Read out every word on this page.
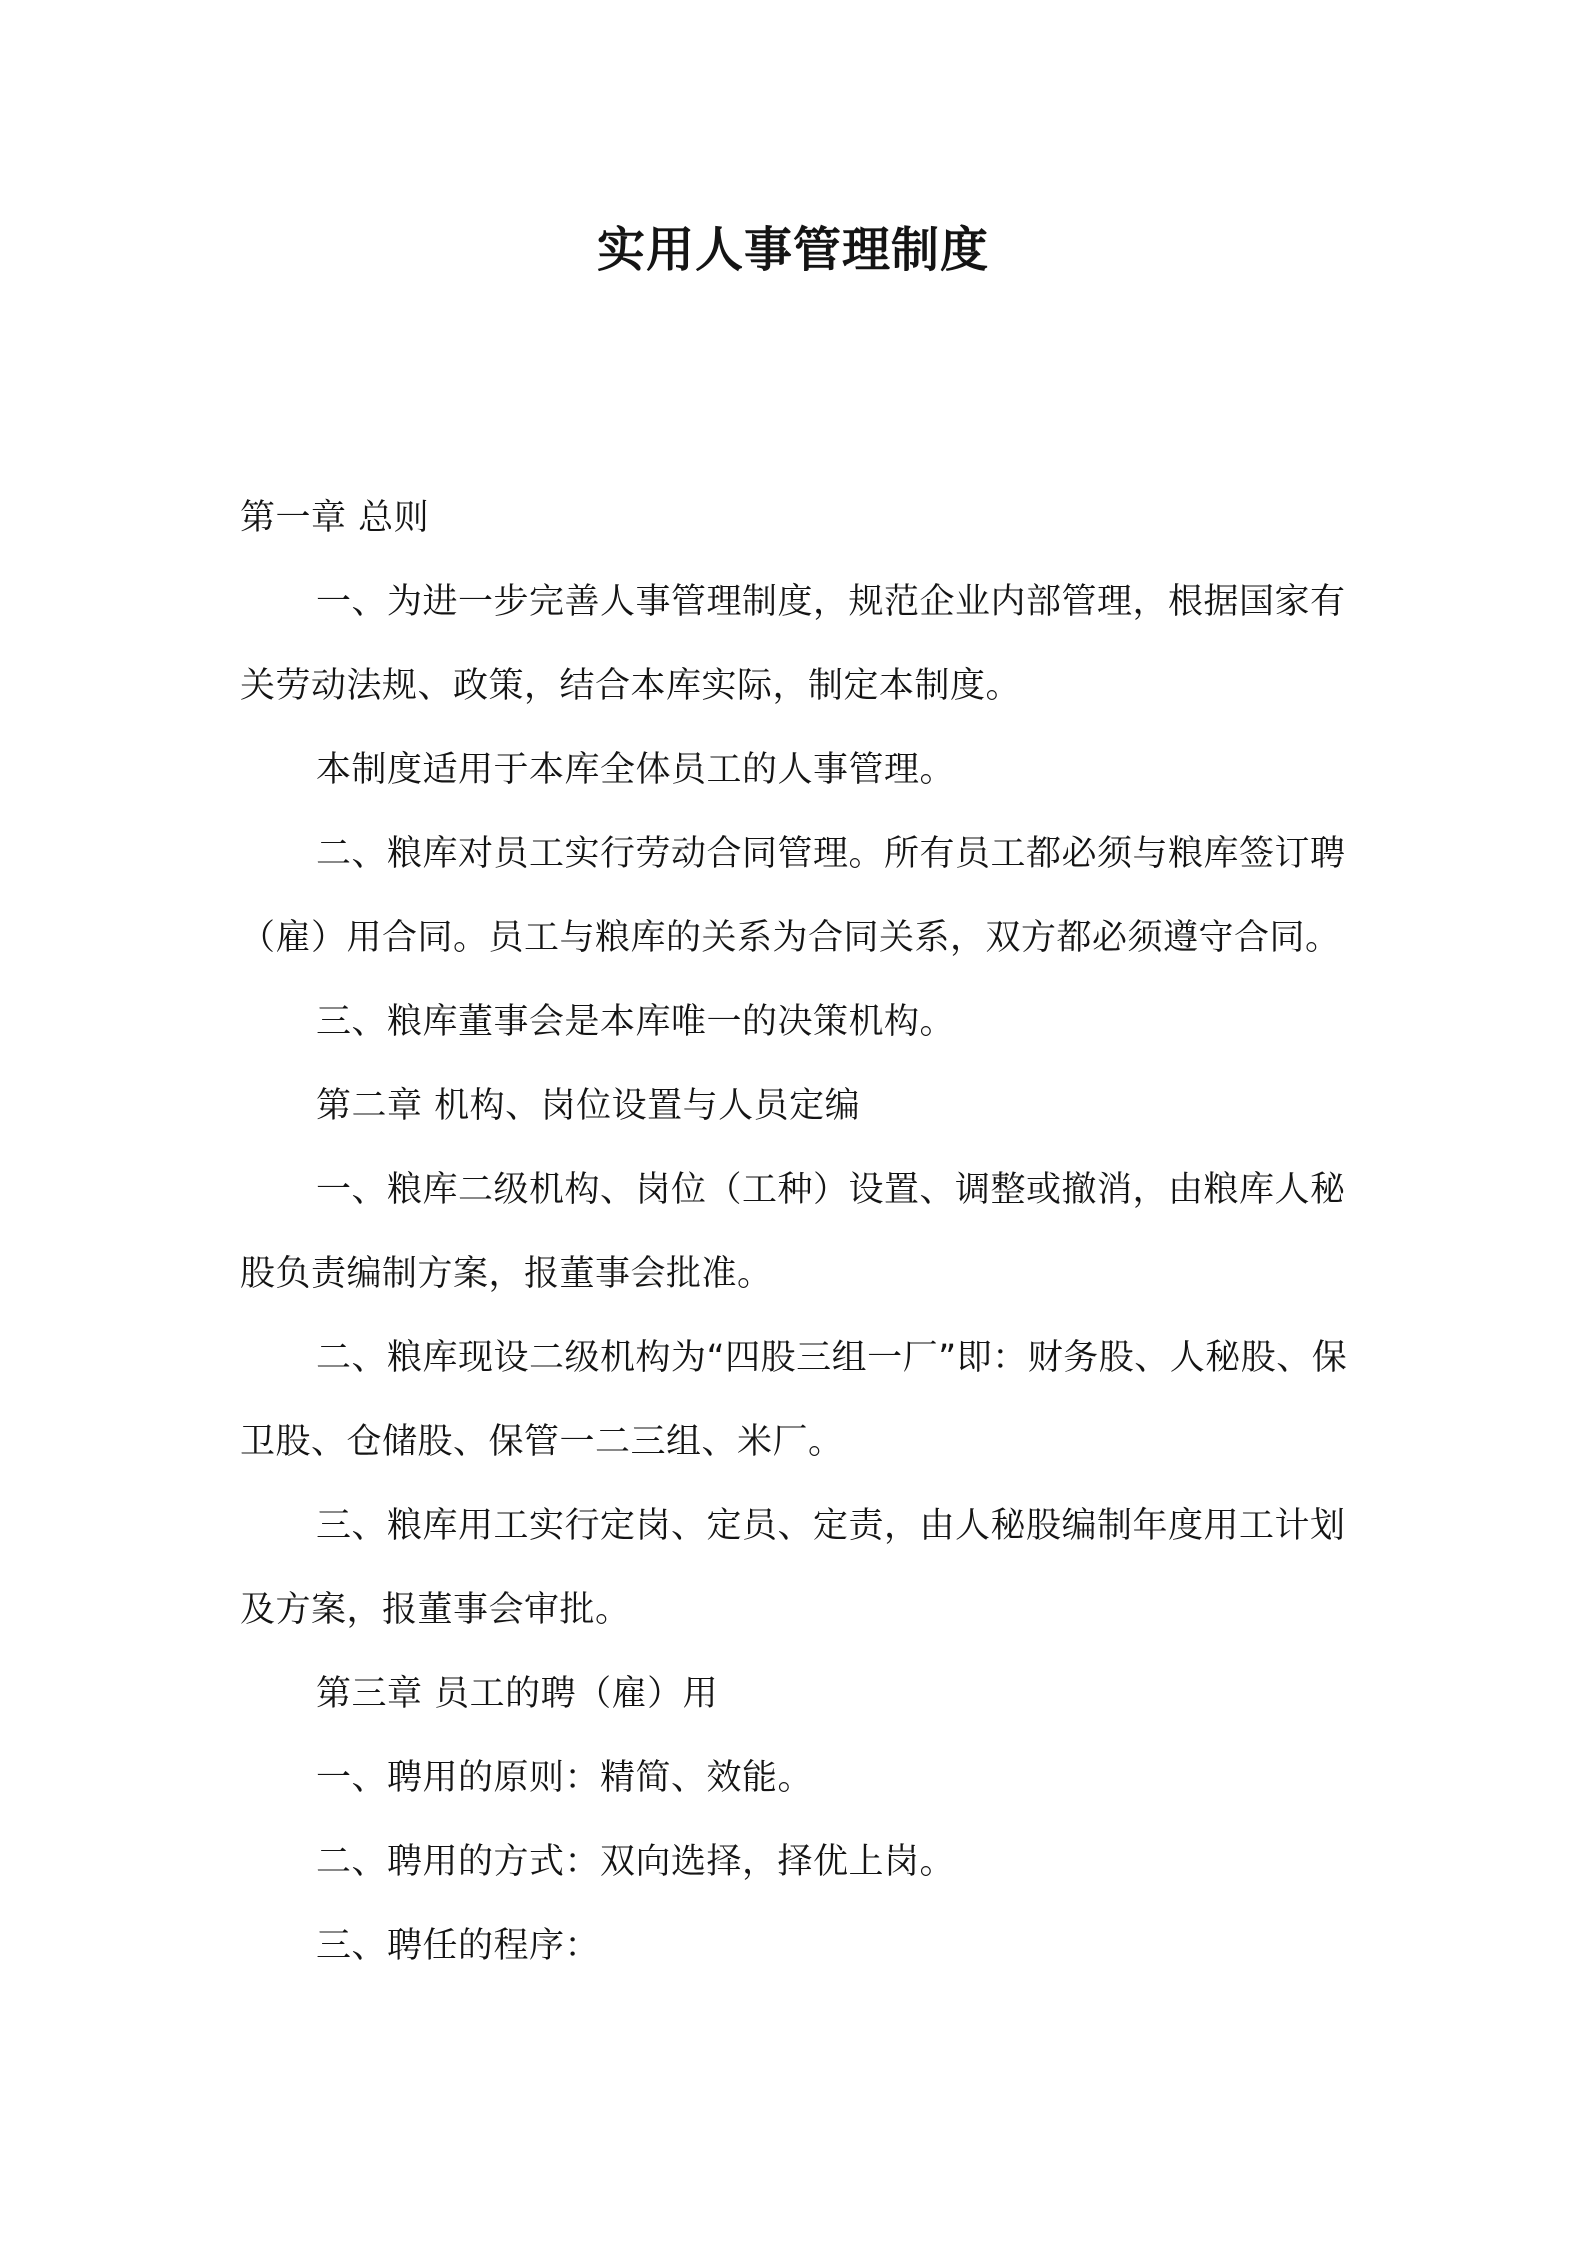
实用人事管理制度

第一章 总则

一、为进一步完善人事管理制度，规范企业内部管理，根据国家有关劳动法规、政策，结合本库实际，制定本制度。

本制度适用于本库全体员工的人事管理。

二、粮库对员工实行劳动合同管理。所有员工都必须与粮库签订聘（雇）用合同。员工与粮库的关系为合同关系，双方都必须遵守合同。

三、粮库董事会是本库唯一的决策机构。

第二章 机构、岗位设置与人员定编

一、粮库二级机构、岗位（工种）设置、调整或撤消，由粮库人秘股负责编制方案，报董事会批准。

二、粮库现设二级机构为“四股三组一厂”即：财务股、人秘股、保卫股、仓储股、保管一二三组、米厂。

三、粮库用工实行定岗、定员、定责，由人秘股编制年度用工计划及方案，报董事会审批。

第三章 员工的聘（雇）用

一、聘用的原则：精简、效能。

二、聘用的方式：双向选择，择优上岗。

三、聘任的程序：
